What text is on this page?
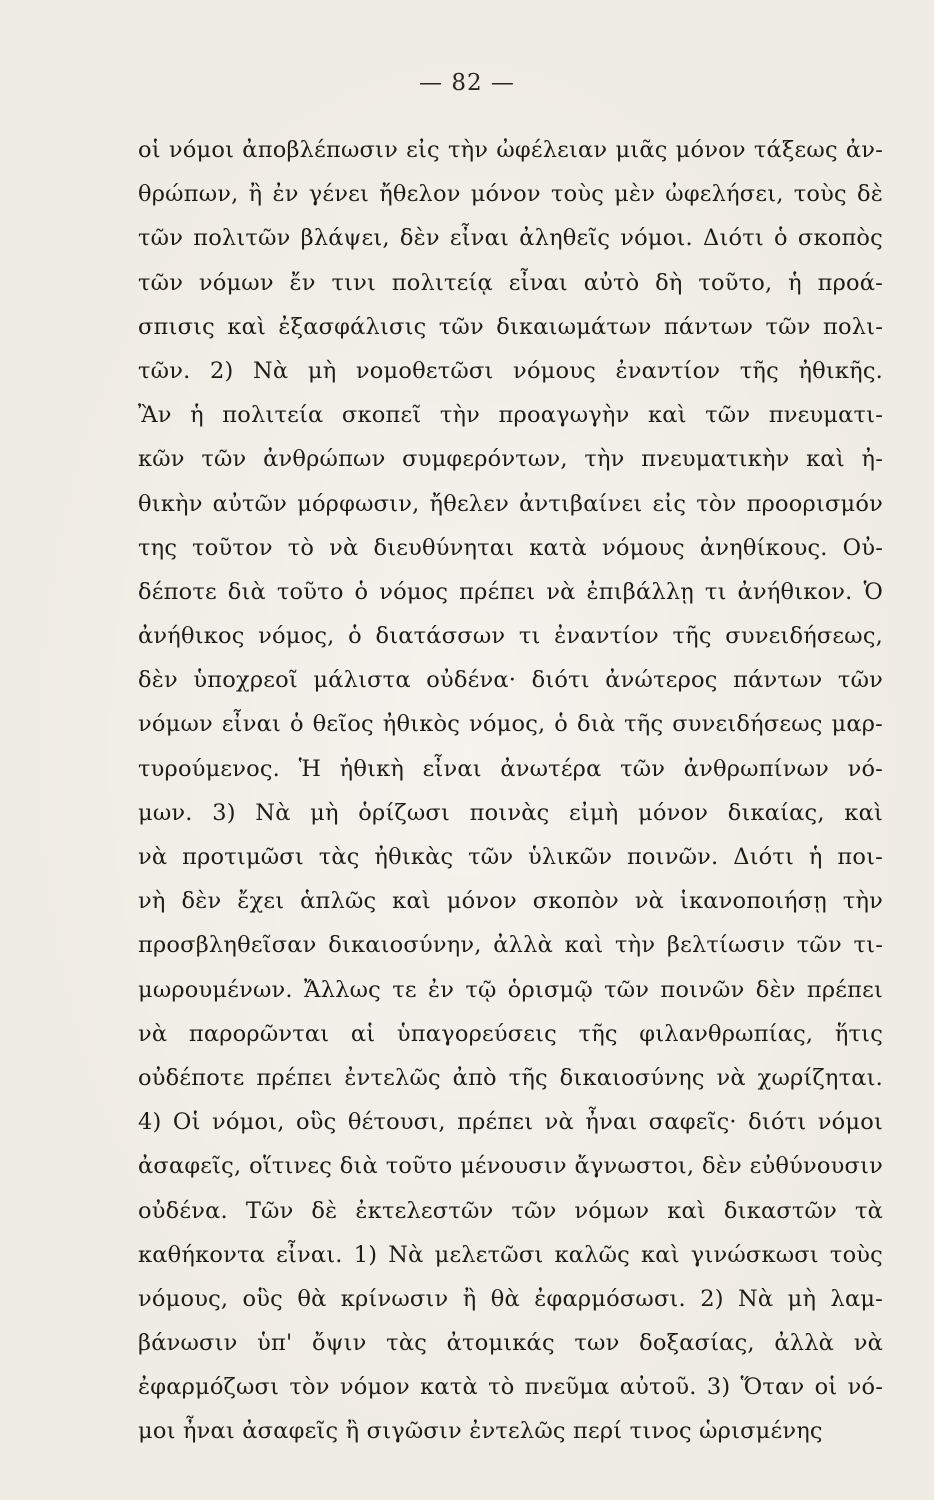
— 82 —
οἱ νόμοι ἀποβλέπωσιν εἰς τὴν ὠφέλειαν μιᾶς μόνον τάξεως ἀν-
θρώπων, ἢ ἐν γένει ἤθελον μόνον τοὺς μὲν ὠφελήσει, τοὺς δὲ
τῶν πολιτῶν βλάψει, δὲν εἶναι ἀληθεῖς νόμοι. Διότι ὁ σκοπὸς
τῶν νόμων ἔν τινι πολιτείᾳ εἶναι αὐτὸ δὴ τοῦτο, ἡ προά-
σπισις καὶ ἐξασφάλισις τῶν δικαιωμάτων πάντων τῶν πολι-
τῶν. 2) Νὰ μὴ νομοθετῶσι νόμους ἐναντίον τῆς ἠθικῆς.
Ἂν ἡ πολιτεία σκοπεῖ τὴν προαγωγὴν καὶ τῶν πνευματι-
κῶν τῶν ἀνθρώπων συμφερόντων, τὴν πνευματικὴν καὶ ἠ-
θικὴν αὐτῶν μόρφωσιν, ἤθελεν ἀντιβαίνει εἰς τὸν προορισμόν
της τοῦτον τὸ νὰ διευθύνηται κατὰ νόμους ἀνηθίκους. Οὐ-
δέποτε διὰ τοῦτο ὁ νόμος πρέπει νὰ ἐπιβάλλῃ τι ἀνήθικον. Ὁ
ἀνήθικος νόμος, ὁ διατάσσων τι ἐναντίον τῆς συνειδήσεως,
δὲν ὑποχρεοῖ μάλιστα οὐδένα· διότι ἀνώτερος πάντων τῶν
νόμων εἶναι ὁ θεῖος ἠθικὸς νόμος, ὁ διὰ τῆς συνειδήσεως μαρ-
τυρούμενος. Ἡ ἠθικὴ εἶναι ἀνωτέρα τῶν ἀνθρωπίνων νό-
μων. 3) Νὰ μὴ ὁρίζωσι ποινὰς εἰμὴ μόνον δικαίας, καὶ
νὰ προτιμῶσι τὰς ἠθικὰς τῶν ὑλικῶν ποινῶν. Διότι ἡ ποι-
νὴ δὲν ἔχει ἁπλῶς καὶ μόνον σκοπὸν νὰ ἱκανοποιήσῃ τὴν
προσβληθεῖσαν δικαιοσύνην, ἀλλὰ καὶ τὴν βελτίωσιν τῶν τι-
μωρουμένων. Ἄλλως τε ἐν τῷ ὁρισμῷ τῶν ποινῶν δὲν πρέπει
νὰ παρορῶνται αἱ ὑπαγορεύσεις τῆς φιλανθρωπίας, ἥτις
οὐδέποτε πρέπει ἐντελῶς ἀπὸ τῆς δικαιοσύνης νὰ χωρίζηται.
4) Οἱ νόμοι, οὓς θέτουσι, πρέπει νὰ ἦναι σαφεῖς· διότι νόμοι
ἀσαφεῖς, οἵτινες διὰ τοῦτο μένουσιν ἄγνωστοι, δὲν εὐθύνουσιν
οὐδένα. Τῶν δὲ ἐκτελεστῶν τῶν νόμων καὶ δικαστῶν τὰ
καθήκοντα εἶναι. 1) Νὰ μελετῶσι καλῶς καὶ γινώσκωσι τοὺς
νόμους, οὓς θὰ κρίνωσιν ἢ θὰ ἐφαρμόσωσι. 2) Νὰ μὴ λαμ-
βάνωσιν ὑπ' ὄψιν τὰς ἀτομικάς των δοξασίας, ἀλλὰ νὰ
ἐφαρμόζωσι τὸν νόμον κατὰ τὸ πνεῦμα αὐτοῦ. 3) Ὅταν οἱ νό-
μοι ἦναι ἀσαφεῖς ἢ σιγῶσιν ἐντελῶς περί τινος ὡρισμένης
